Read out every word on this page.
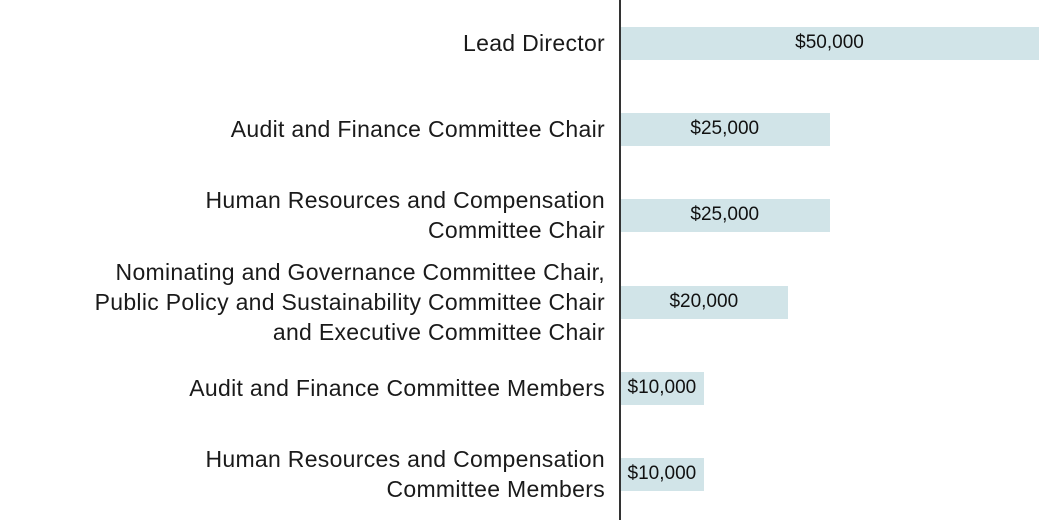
Lead Director	$50,000
Audit and Finance Committee Chair	$25,000
Human Resources and Compensation
Committee Chair
$25,000
Nominating and Governance Committee Chair,
Public Policy and Sustainability Committee Chair
and Executive Committee Chair
$20,000
Audit and Finance Committee Members $10,000
Human Resources and Compensation
Committee Members
$10,000
